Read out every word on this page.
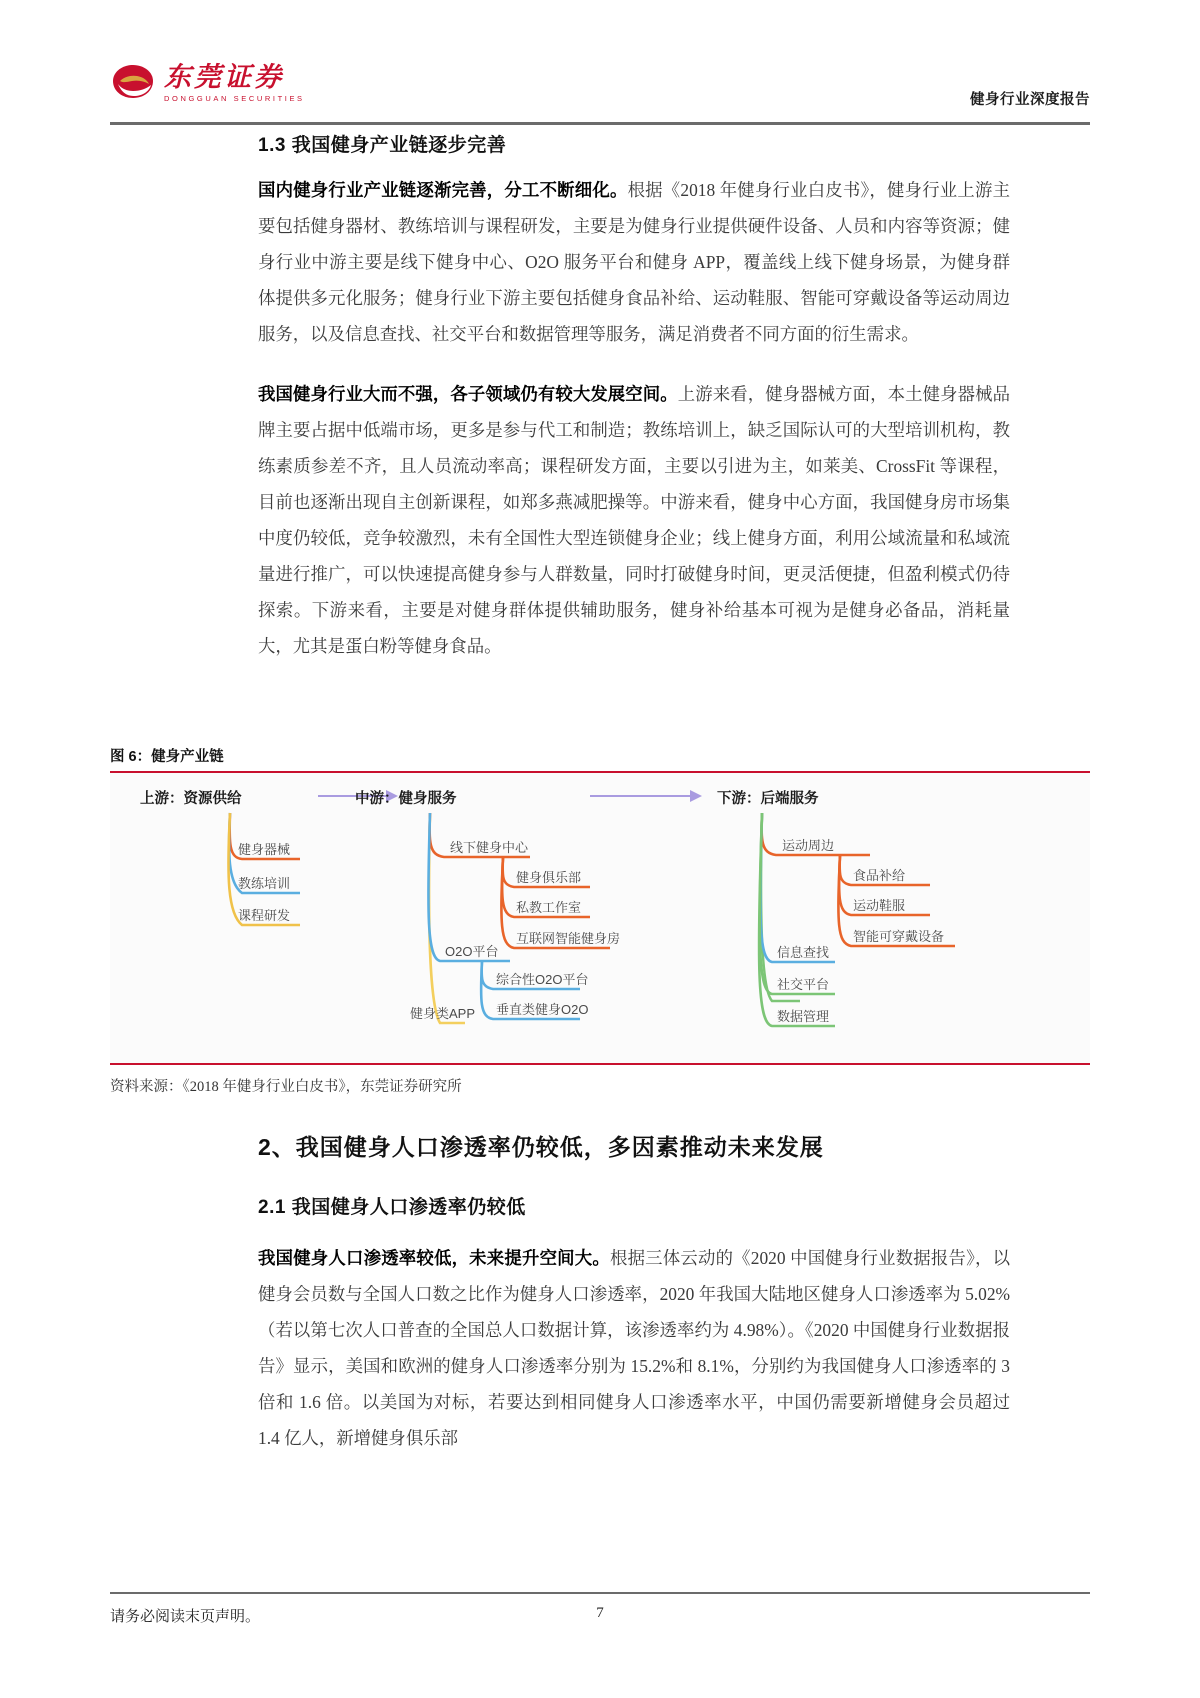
东莞证券
DONGGUAN SECURITIES	健身行业深度报告
1.3 我国健身产业链逐步完善
国内健身行业产业链逐渐完善，分工不断细化。根据《2018 年健身行业白皮书》，健身行业上游主要包括健身器材、教练培训与课程研发，主要是为健身行业提供硬件设备、人员和内容等资源；健身行业中游主要是线下健身中心、O2O 服务平台和健身 APP，覆盖线上线下健身场景，为健身群体提供多元化服务；健身行业下游主要包括健身食品补给、运动鞋服、智能可穿戴设备等运动周边服务，以及信息查找、社交平台和数据管理等服务，满足消费者不同方面的衍生需求。
我国健身行业大而不强，各子领域仍有较大发展空间。上游来看，健身器械方面，本土健身器械品牌主要占据中低端市场，更多是参与代工和制造；教练培训上，缺乏国际认可的大型培训机构，教练素质参差不齐，且人员流动率高；课程研发方面，主要以引进为主，如莱美、CrossFit 等课程，目前也逐渐出现自主创新课程，如郑多燕减肥操等。中游来看，健身中心方面，我国健身房市场集中度仍较低，竞争较激烈，未有全国性大型连锁健身企业；线上健身方面，利用公域流量和私域流量进行推广，可以快速提高健身参与人群数量，同时打破健身时间，更灵活便捷，但盈利模式仍待探索。下游来看，主要是对健身群体提供辅助服务，健身补给基本可视为是健身必备品，消耗量大，尤其是蛋白粉等健身食品。
图 6：健身产业链
上游：资源供给	中游：健身服务	下游：后端服务
健身器械
教练培训
课程研发
线下健身中心
健身俱乐部
私教工作室
互联网智能健身房
O2O平台
综合性O2O平台
垂直类健身O2O
健身类APP
运动周边
食品补给
运动鞋服
智能可穿戴设备
信息查找
社交平台
数据管理
资料来源：《2018 年健身行业白皮书》，东莞证券研究所
2、我国健身人口渗透率仍较低，多因素推动未来发展
2.1 我国健身人口渗透率仍较低
我国健身人口渗透率较低，未来提升空间大。根据三体云动的《2020 中国健身行业数据报告》，以健身会员数与全国人口数之比作为健身人口渗透率，2020 年我国大陆地区健身人口渗透率为 5.02%（若以第七次人口普查的全国总人口数据计算，该渗透率约为 4.98%）。《2020 中国健身行业数据报告》显示，美国和欧洲的健身人口渗透率分别为 15.2%和 8.1%，分别约为我国健身人口渗透率的 3 倍和 1.6 倍。以美国为对标，若要达到相同健身人口渗透率水平，中国仍需要新增健身会员超过 1.4 亿人，新增健身俱乐部
请务必阅读末页声明。	7
